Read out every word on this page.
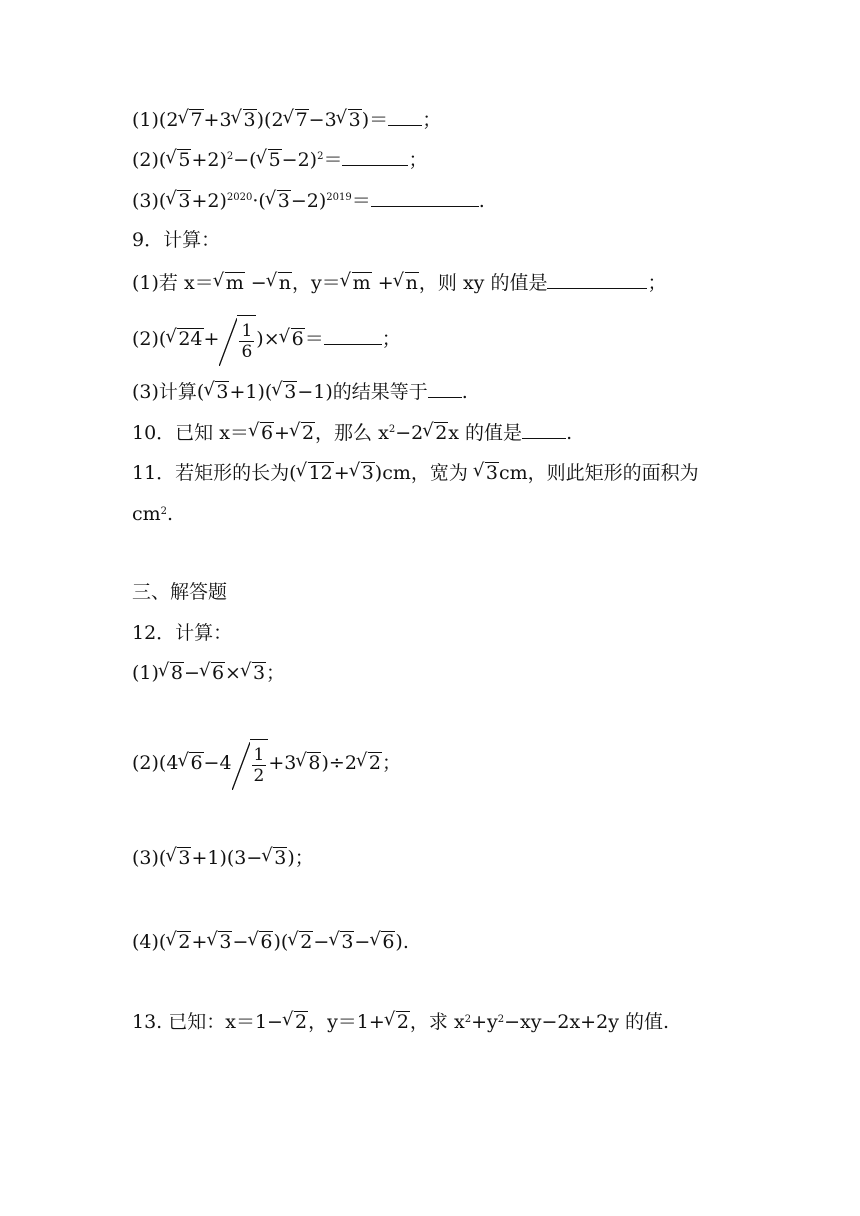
(1)(2√ 7+3√ 3)(2√ 7−3√ 3)＝ ；
(2)(√ 5+2)$^2$−(√ 5−2)$^2$＝	；
(3)(√ 3+2)$^{2020}$·(√ 3−2)$^{2019}$＝	.
9．计算：
(1)若 x＝√ m −√ n，y＝√ m +√ n，则 xy 的值是	；
(2)(√ $24+ \frac{1}{6}$ )×√ 6＝	；
(3)计算(√ 3+1)(√ 3−1)的结果等于 .
10．已知 x＝√ 6+√ 2，那么 $x^2-2√$ 2x 的值是 .
11．若矩形的长为(√ 12+√ 3)cm，宽为 √ 3cm，则此矩形的面积为
$cm^2$.
三、解答题
12．计算：
(1)√ 8−√ 6×√ 3；
(2)(4√ $6-4 \frac{1}{2} +3√$ 8)÷2√ 2；
(3)(√ 3+1)(3−√ 3)；
(4)(√ 2+√ 3−√ 6)(√ 2−√ 3−√ 6).
13. 已知：x＝1−√ 2，y＝1+√ 2，求 $x^2+y^2-xy-2x+2y$ 的值.
